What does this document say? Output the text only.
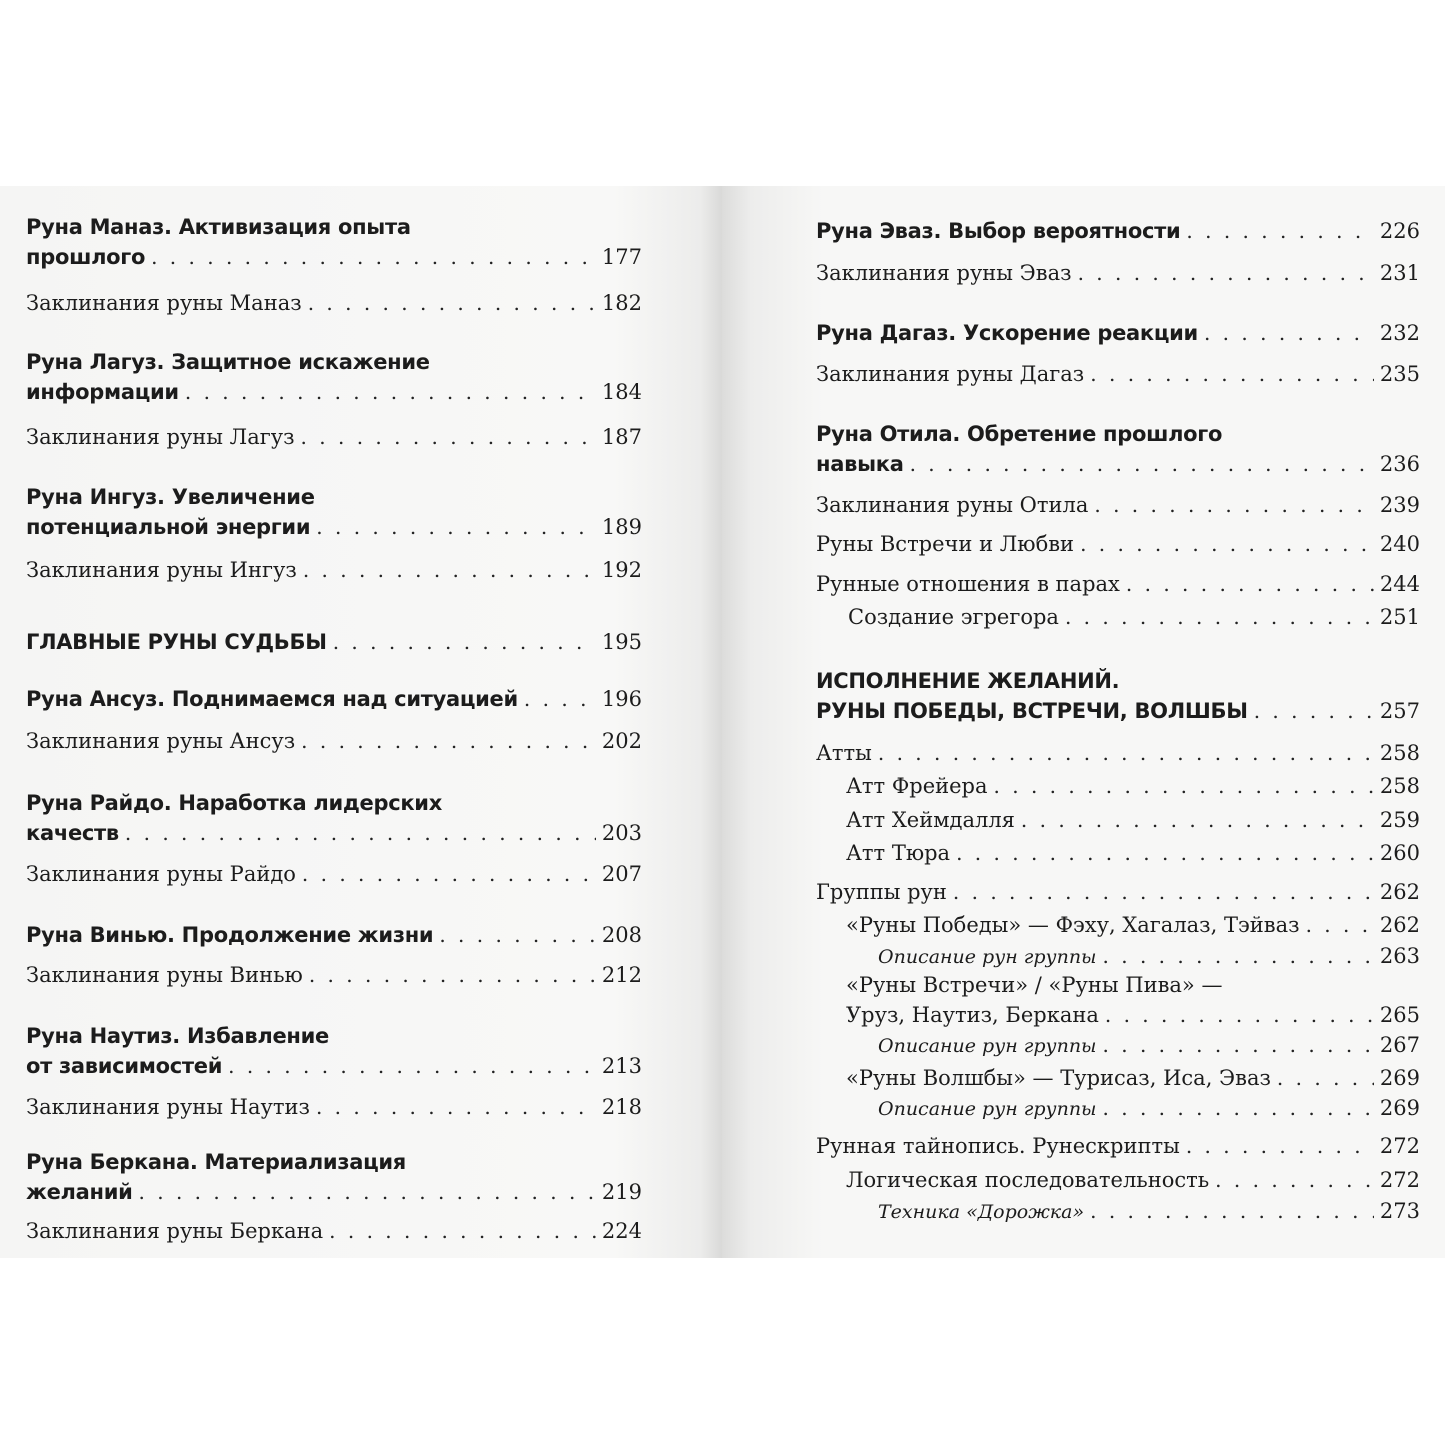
Руна Маназ. Активизация опыта
прошлого . . .	177
Заклинания руны Маназ . . .	182
Руна Лагуз. Защитное искажение
информации . . .	184
Заклинания руны Лагуз . . .	187
Руна Ингуз. Увеличение
потенциальной энергии . . .	189
Заклинания руны Ингуз . . .	192
ГЛАВНЫЕ РУНЫ СУДЬБЫ . . .	195
Руна Ансуз. Поднимаемся над ситуацией . . .	196
Заклинания руны Ансуз . . .	202
Руна Райдо. Наработка лидерских
качеств . . .	203
Заклинания руны Райдо . . .	207
Руна Винью. Продолжение жизни . . .	208
Заклинания руны Винью . . .	212
Руна Наутиз. Избавление
от зависимостей . . .	213
Заклинания руны Наутиз . . .	218
Руна Беркана. Материализация
желаний . . .	219
Заклинания руны Беркана . . .	224
Руна Эваз. Выбор вероятности . . .	226
Заклинания руны Эваз . . .	231
Руна Дагаз. Ускорение реакции . . .	232
Заклинания руны Дагаз . . .	235
Руна Отила. Обретение прошлого
навыка . . .	236
Заклинания руны Отила . . .	239
Руны Встречи и Любви . . .	240
Рунные отношения в парах . . .	244
Создание эгрегора . . .	251
ИСПОЛНЕНИЕ ЖЕЛАНИЙ.
РУНЫ ПОБЕДЫ, ВСТРЕЧИ, ВОЛШБЫ . . .	257
Атты . . .	258
Атт Фрейера . . .	258
Атт Хеймдалля . . .	259
Атт Тюра . . .	260
Группы рун . . .	262
«Руны Победы» — Фэху, Хагалаз, Тэйваз . . .	262
Описание рун группы . . .	263
«Руны Встречи» / «Руны Пива» —
Уруз, Наутиз, Беркана . . .	265
Описание рун группы . . .	267
«Руны Волшбы» — Турисаз, Иса, Эваз . . .	269
Описание рун группы . . .	269
Рунная тайнопись. Рунескрипты . . .	272
Логическая последовательность . . .	272
Техника «Дорожка» . . .	273
